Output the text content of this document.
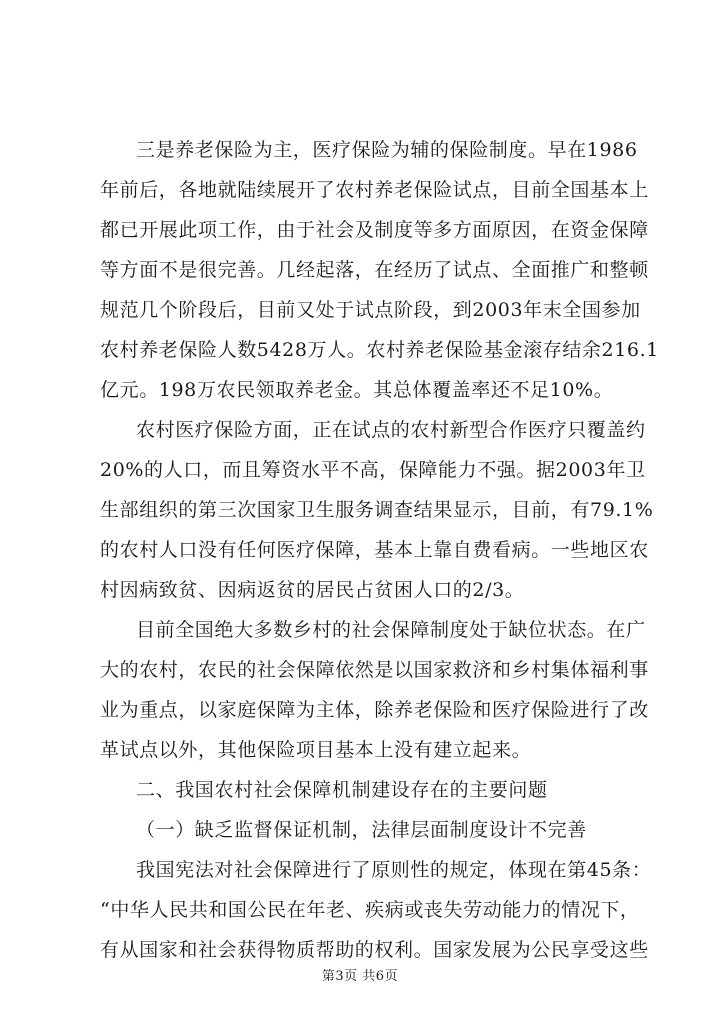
三是养老保险为主，医疗保险为辅的保险制度。早在1986
年前后，各地就陆续展开了农村养老保险试点，目前全国基本上
都已开展此项工作，由于社会及制度等多方面原因，在资金保障
等方面不是很完善。几经起落，在经历了试点、全面推广和整顿
规范几个阶段后，目前又处于试点阶段，到2003年末全国参加
农村养老保险人数5428万人。农村养老保险基金滚存结余216.1
亿元。198万农民领取养老金。其总体覆盖率还不足10%。
农村医疗保险方面，正在试点的农村新型合作医疗只覆盖约
20%的人口，而且筹资水平不高，保障能力不强。据2003年卫
生部组织的第三次国家卫生服务调查结果显示，目前，有79.1%
的农村人口没有任何医疗保障，基本上靠自费看病。一些地区农
村因病致贫、因病返贫的居民占贫困人口的2/3。
目前全国绝大多数乡村的社会保障制度处于缺位状态。在广
大的农村，农民的社会保障依然是以国家救济和乡村集体福利事
业为重点，以家庭保障为主体，除养老保险和医疗保险进行了改
革试点以外，其他保险项目基本上没有建立起来。
二、我国农村社会保障机制建设存在的主要问题
（一）缺乏监督保证机制，法律层面制度设计不完善
我国宪法对社会保障进行了原则性的规定，体现在第45条：
“中华人民共和国公民在年老、疾病或丧失劳动能力的情况下，
有从国家和社会获得物质帮助的权利。国家发展为公民享受这些
第3页 共6页
